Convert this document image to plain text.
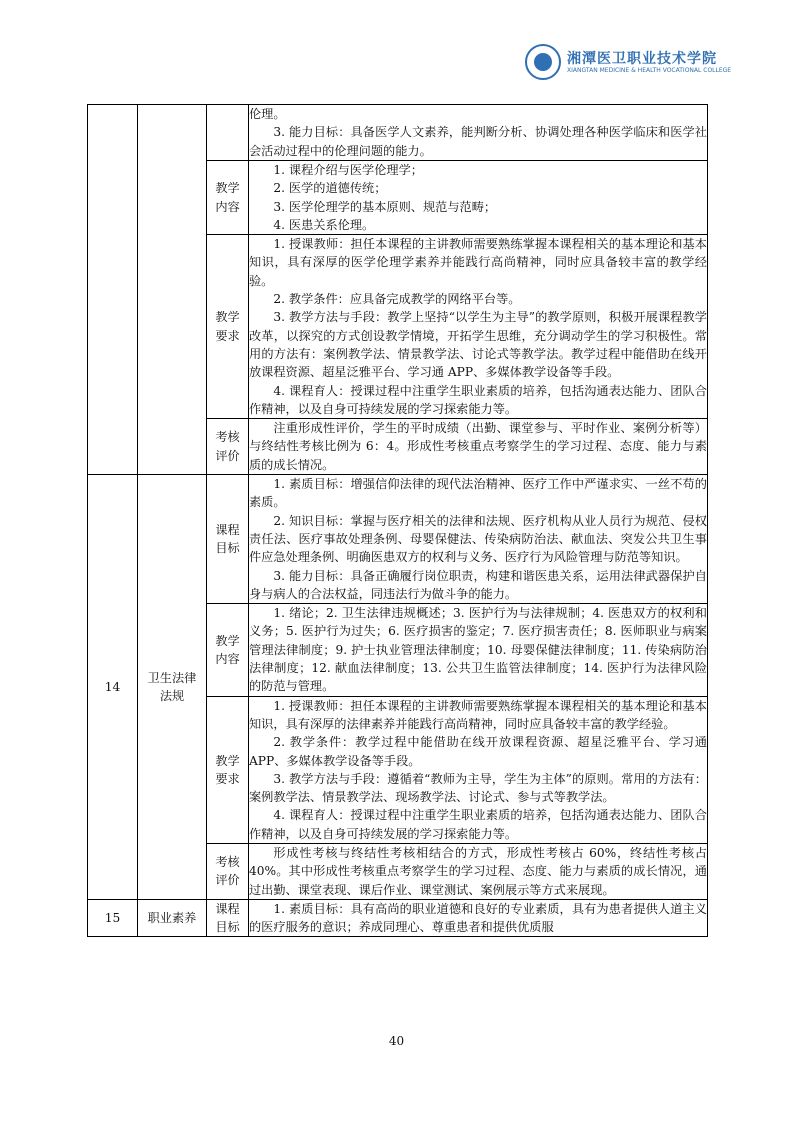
湘潭医卫职业技术学院
XIANGTAN MEDICINE & HEALTH VOCATIONAL COLLEGE

			伦理。

3. 能力目标：具备医学人文素养，能判断分析、协调处理各种医学临床和医学社会活动过程中的伦理问题的能力。

		教学内容	1. 课程介绍与医学伦理学；

2. 医学的道德传统；

3. 医学伦理学的基本原则、规范与范畴；

4. 医患关系伦理。

		教学要求	1. 授课教师：担任本课程的主讲教师需要熟练掌握本课程相关的基本理论和基本知识，具有深厚的医学伦理学素养并能践行高尚精神，同时应具备较丰富的教学经验。

2. 教学条件：应具备完成教学的网络平台等。

3. 教学方法与手段：教学上坚持“以学生为主导”的教学原则，积极开展课程教学改革，以探究的方式创设教学情境，开拓学生思维，充分调动学生的学习积极性。常用的方法有：案例教学法、情景教学法、讨论式等教学法。教学过程中能借助在线开放课程资源、超星泛雅平台、学习通 APP、多媒体教学设备等手段。

4. 课程育人：授课过程中注重学生职业素质的培养，包括沟通表达能力、团队合作精神，以及自身可持续发展的学习探索能力等。

		考核评价	注重形成性评价，学生的平时成绩（出勤、课堂参与、平时作业、案例分析等）与终结性考核比例为 6：4。形成性考核重点考察学生的学习过程、态度、能力与素质的成长情况。

14	卫生法律法规	课程目标	1. 素质目标：增强信仰法律的现代法治精神、医疗工作中严谨求实、一丝不苟的素质。

2. 知识目标：掌握与医疗相关的法律和法规、医疗机构从业人员行为规范、侵权责任法、医疗事故处理条例、母婴保健法、传染病防治法、献血法、突发公共卫生事件应急处理条例、明确医患双方的权利与义务、医疗行为风险管理与防范等知识。

3. 能力目标：具备正确履行岗位职责，构建和谐医患关系，运用法律武器保护自身与病人的合法权益，同违法行为做斗争的能力。

		教学内容	1. 绪论；2. 卫生法律违规概述；3. 医护行为与法律规制；4. 医患双方的权利和义务；5. 医护行为过失；6. 医疗损害的鉴定；7. 医疗损害责任；8. 医师职业与病案管理法律制度；9. 护士执业管理法律制度；10. 母婴保健法律制度；11. 传染病防治法律制度；12. 献血法律制度；13. 公共卫生监管法律制度；14. 医护行为法律风险的防范与管理。

		教学要求	1. 授课教师：担任本课程的主讲教师需要熟练掌握本课程相关的基本理论和基本知识，具有深厚的法律素养并能践行高尚精神，同时应具备较丰富的教学经验。

2. 教学条件：教学过程中能借助在线开放课程资源、超星泛雅平台、学习通 APP、多媒体教学设备等手段。

3. 教学方法与手段：遵循着“教师为主导，学生为主体”的原则。常用的方法有：案例教学法、情景教学法、现场教学法、讨论式、参与式等教学法。

4. 课程育人：授课过程中注重学生职业素质的培养，包括沟通表达能力、团队合作精神，以及自身可持续发展的学习探索能力等。

		考核评价	形成性考核与终结性考核相结合的方式，形成性考核占 60%，终结性考核占 40%。其中形成性考核重点考察学生的学习过程、态度、能力与素质的成长情况，通过出勤、课堂表现、课后作业、课堂测试、案例展示等方式来展现。

15	职业素养	课程目标	1. 素质目标：具有高尚的职业道德和良好的专业素质，具有为患者提供人道主义的医疗服务的意识；养成同理心、尊重患者和提供优质服

40
